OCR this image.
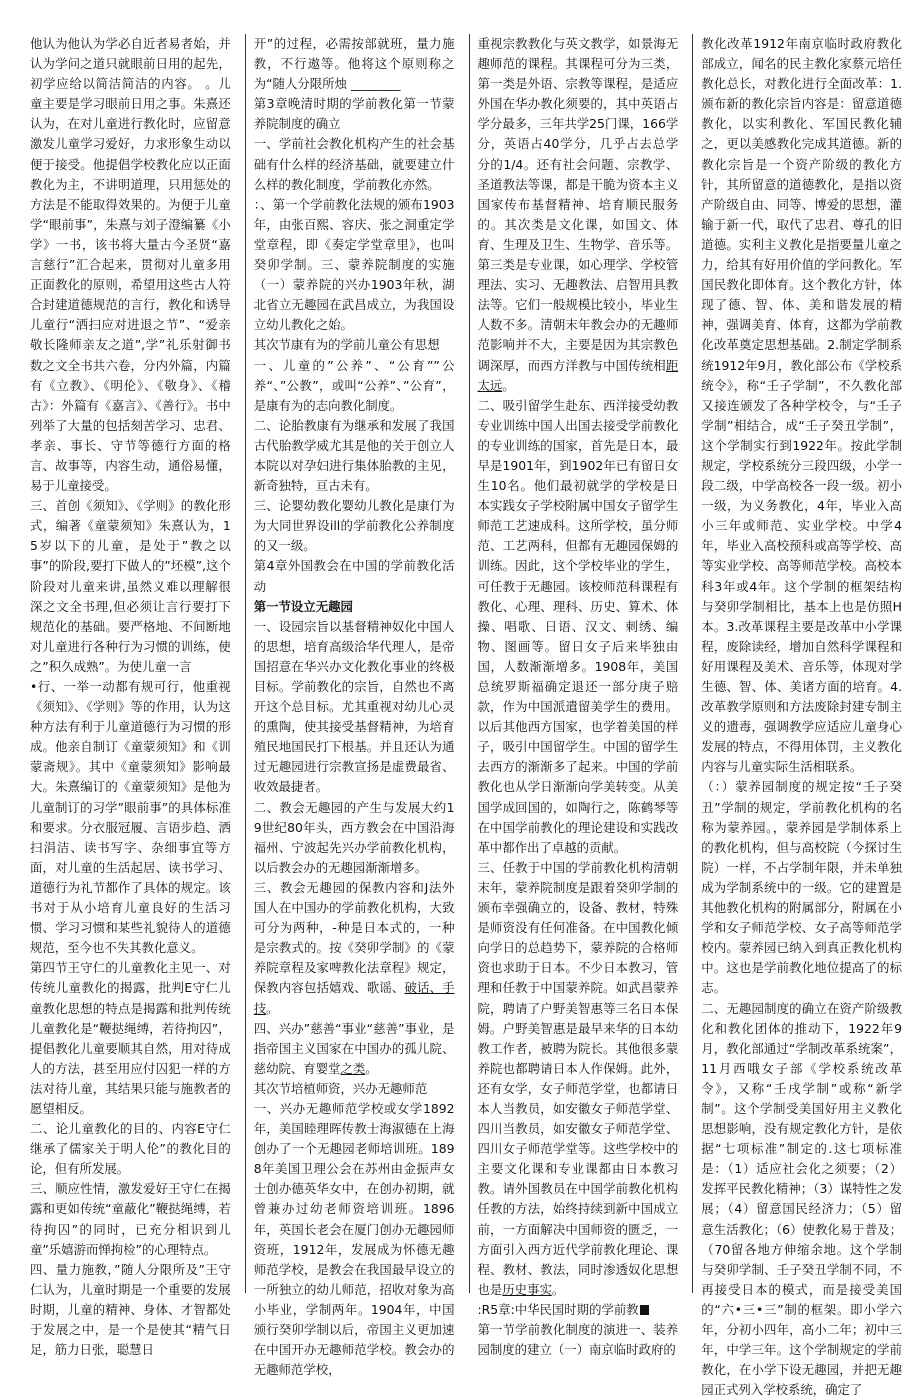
他认为他认为学必自近者易者始，并认为学问之道只就眼前日用的起先，初学应给以简洁简洁的内容。 。儿童主要是学习眼前日用之事。朱熹还认为，在对儿童进行教化时，应留意激发儿童学习爱好，力求形象生动以便于接受。他提倡学校教化应以正面教化为主，不讲明道理，只用惩处的方法是不能取得效果的。为便于儿童学“眼前事”，朱熹与刘子澄编纂《小学》一书，该书将大量古今圣贤“嘉言慈行”汇合起来，贯彻对儿童多用正面教化的原则，希望用这些古人符合封建道德规范的言行，教化和诱导儿童行“洒扫应对进退之节”、“爱亲敬长隆师亲友之道”,学”礼乐射御书数之文全书共六卷，分内外篇，内篇有《立教》、《明伦》、《敬身》、《稽古》：外篇有《嘉言》、《善行》。书中列举了大量的包括刻苦学习、忠君、孝亲、事长、守节等德行方面的格言、故事等，内容生动，通俗易懂，易于儿童接受。

三、首创《须知》、《学则》的教化形式，编著《童蒙须知》朱熹认为，15岁以下的儿童，是处于”教之以事”的阶段,要打下做人的”坯模”,这个阶段对儿童来讲,虽然义难以理解很深之文全书理,但必须让言行要打下规范化的基础。要严格地、不间断地对儿童进行各种行为习惯的训练，使之”积久成熟”。为使儿童一言

•行、一举一动都有规可行，他重视《须知》、《学则》等的作用，认为这种方法有利于儿童道德行为习惯的形成。他亲自制订《童蒙须知》和《训蒙斋规》。其中《童蒙须知》影响最大。朱熹编订的《童蒙须知》是他为儿童制订的习学”眼前事”的具体标准和要求。分衣服冠履、言语步趋、洒扫涓洁、读书写字、杂细事宜等方面，对儿童的生活起居、读书学习、道德行为礼节都作了具体的规定。该书对于从小培育儿童良好的生活习惯、学习习惯和某些礼貌待人的道德规范，至今也不失其教化意义。

第四节王守仁的儿童教化主见一、对传统儿童教化的揭露，批判E守仁儿童教化思想的特点是揭露和批判传统儿童教化是“鞭挞绳缚，若待拘囚”，提倡教化儿童要顺其自然，用对待成人的方法，甚至用应付囚犯一样的方法对待儿童，其结果只能与施教者的愿望相反。

二、论儿童教化的目的、内容E守仁继承了儒家关于明人伦”的教化目的论，但有所发展。

三、顺应性情，激发爱好王守仁在揭露和更如传统“童蔽化”鞭挞绳缚，若待拘囚”的同时，已充分相识到儿童”乐嬉游而惮拘检”的心理特点。

四、量力施教，”随人分限所及”王守仁认为，儿童时期是一个重要的发展时期，儿童的精神、身体、才智都处于发展之中，是一个是使其“精气日足，筋力日张，聪慧日

开”的过程，必需按部就班，量力施教，不行遨等。他将这个原则称之为“随人分限所烛 ________

第3章晚清时期的学前教化第一节蒙养院制度的确立

一、学前社会教化机构产生的社会基础有什么样的经济基础，就要建立什么样的教化制度，学前教化亦然。

：、第一个学前教化法规的颁布1903年，由张百熙、容庆、张之洞重定学堂章程，即《奏定学堂章里》，也叫癸卯学制。三、蒙养院制度的实施（一）蒙养院的兴办1903年秋，湖北省立无趣园在武昌成立，为我国设立幼儿教化之始。

其次节康有为的学前儿童公有思想

一、儿童的”公养”、“公育””公养“、”公教”，或叫“公养”、”公育”，是康有为的志向教化制度。

二、论胎教康有为继承和发展了我国古代胎教学威尤其是他的关于创立人本院以对孕妇进行集体胎教的主见，新奇独特，亘古未有。

三、论婴幼教化婴幼儿教化是康仃为为大同世界设ill的学前教化公养制度的又一级。

第4章外国教会在中国的学前教化活动

第一节设立无趣园

一、设园宗旨以基督精神奴化中国人的思想，培育高级洽华代理人，是帝国招意在华兴办文化教化事业的终极目标。学前教化的宗旨，自然也不离开这个总目标。尤其重视对幼儿心灵的熏陶，使其接受基督精神，为培育殖民地国民打下根基。并且还认为通过无趣园进行宗教宣扬是虚费最省、收效最捷者。

二、教会无趣园的产生与发展大约19世纪80年头，西方教会在中国沿海福州、宁波起先兴办学前教化机构，以后教会办的无趣园渐渐增多。

三、教会无趣园的保教内容和J法外国人在中国办的学前教化机构，大致可分为两种，-种是日本式的，一种是宗教式的。按《癸卯学制》的《蒙养院章程及家啤教化法章程》规定，保教内容包括嬉戏、歌谣、破话、手技。

四、兴办”慈善“事业“慈善”事业，是指帝国主义国家在中国办的孤儿院、慈幼院、育婴堂之类。

其次节培植师资，兴办无趣师范

一、兴办无趣师范学校或女学1892年，美国睦理晖传教士海淑德在上海创办了一个无趣园老师培训班。1898年美国卫理公会在苏州由金振声女士创办德英华女中，在创办初期，就曾兼办过幼老师资培训班。1896年，英国长老会在厦门创办无趣园师资班，1912年，发展成为怀德无趣师范学校，是教会在我国最早设立的一所独立的幼儿师范，招收对象为高小毕业，学制两年。1904年，中国颁行癸卯学制以后，帝国主义更加速在中国开办无趣师范学校。教会办的无趣师范学校，

重视宗教教化与英文教学，如景海无趣师范的课程。其课程可分为三类，第一类是外语、宗教等课程，是适应外国在华办教化须要的，其中英语占学分最多，三年共学25门课，166学分，英语占40学分，几乎占去总学分的1/4。还有社会问题、宗教学、圣道教法等课，都是干脆为资本主义国家传布基督精神、培育顺民服务的。其次类是文化课，如国文、体育、生理及卫生、生物学、音乐等。第三类是专业课，如心理学、学校管理法、实习、无趣教法、启智用具教法等。它们一般规模比较小，毕业生人数不多。清朝末年教会办的无趣师范影响并不大，主要是因为其宗教色调深厚，而西方洋教与中国传统相距太远。

二、吸引留学生赴东、西洋接受幼教专业训练中国人出国去接受学前教化的专业训练的国家，首先是日本，最早是1901年，到1902年已有留日女生10名。他们最初就学的学校是日本实践女子学校附属中国女子留学生师范工艺速成科。这所学校，虽分师范、工艺两科，但都有无趣园保姆的训练。因此，这个学校毕业的学生，可任教于无趣园。该校师范科课程有教化、心理、理科、历史、算术、体操、唱歌、日语、汉文、刺绣、编物、图画等。留日女子后来毕独由国，人数渐渐增多。1908年，美国总统罗斯福确定退还一部分庚子赔款，作为中国派遣留美学生的费用。以后其他西方国家，也学着美国的样子，吸引中国留学生。中国的留学生去西方的渐渐多了起来。中国的学前教化也从学日渐渐向学美转变。从美国学成回国的，如陶行之，陈鹤琴等在中国学前教化的理论建设和实践改革中都作出了卓越的贡献。

三、任教于中国的学前教化机构清朝末年，蒙养院制度是跟着癸卯学制的颁布幸强确立的，设备、教材，特殊是师资没有任何准备。在中国教化倾向学日的总趋势下，蒙养院的合格师资也求助于日本。不少日本教习，管理和任教于中国蒙养院。如武昌蒙养院，聘请了户野美智惠等三名日本保姆。户野美智惠是最早来华的日本幼教工作者，被聘为院长。其他很多蒙养院也都聘请日本人作保姆。此外，还有女学，女子师范学堂，也都请日本人当教员，如安徽女子师范学堂、四川当教员，如安徽女子师范学堂、四川女子师范学堂等。这些学校中的主要文化课和专业课都由日本教习教。请外国教员在中国学前教化机构任教的方法，始终持续到新中国成立前，一方面解决中国师资的匮乏，一方面引入西方近代学前教化理论、课程、教材、教法，同时渗透奴化思想也是历史事实。

:R5章:中华民国时期的学前教

第一节学前教化制度的演进一、装养园制度的建立（一）南京临时政府的

教化改革1912年南京临时政府教化部成立，闻名的民主教化家蔡元培任教化总长，对教化进行全面改革：1.颁布新的教化宗旨内容是：留意道德教化，以实利教化、军国民教化辅之，更以美感教化完成其道德。新的教化宗旨是一个资产阶级的教化方针，其所留意的道德教化，是指以资产阶级自由、同等、博爱的思想，灌输于新一代，取代了忠君、尊孔的旧道德。实利主义教化是指要量儿童之力，给其有好用价值的学问教化。军国民教化即体育。这个教化方针，体现了德、智、体、美和谐发展的精神，强调美育、体育，这都为学前教化改革奠定思想基础。2.制定学制系统1912年9月，教化部公布《学校系统令》，称“壬子学制”，不久教化部又接连颁发了各种学校令，与“壬子学制”相结合，成“壬子癸丑学制”，这个学制实行到1922年。按此学制规定，学校系统分三段四级，小学一段二级，中学高校各一段一级。初小一级，为义务教化，4年，毕业入高小三年或师范、实业学校。中学4年，毕业入高校预科或高等学校、高等实业学校、高等师范学校。高校本科3年或4年。这个学制的框架结构与癸卯学制相比，基本上也是仿照H本。3.改革课程主要是改革中小学课程，废除读经，增加自然科学课程和好用课程及美术、音乐等，体现对学生德、智、体、美诸方面的培育。4.改革教学原则和方法废除封建专制主义的遗毒，强调教学应适应儿童身心发展的特点，不得用体罚，主义教化内容与儿童实际生活相联系。

（：）蒙养园制度的规定按“壬子癸丑”学制的规定，学前教化机构的名称为蒙养园。，蒙养园是学制体系上的教化机构，但与高校院（今探讨生院）一样，不占学制年限，并未单独成为学制系统中的一级。它的建置是其他教化机构的附属部分，附属在小学和女子师范学校、女子高等师范学校内。蒙养园已纳入到真正教化机构中。这也是学前教化地位提高了的标志。

二、无趣园制度的确立在资产阶级教化和教化团体的推动下，1922年9月，教化部通过“学制改革系统案”，11月西哦女子部《学校系统改革令》，又称“壬戌学制”或称“新学制”。这个学制受美国好用主义教化思想影响，没有规定教化方针，是依据“七项标准”制定的.这七项标准是：（1）适应社会化之须要；（2）发挥平民教化精神；（3）谋特性之发展；（4）留意国民经济力；（5）留意生活教化；（6）使教化易于普及；（70留各地方伸缩余地。这个学制与癸卯学制、壬子癸丑学制不同，不再接受日本的模式，而是接受美国的“六•三•三”制的框架。即小学六年，分初小四年，高小二年；初中三年，中学三年。这个学制规定的学前教化，在小学下设无趣园，并把无趣园正式列入学校系统，确定了
